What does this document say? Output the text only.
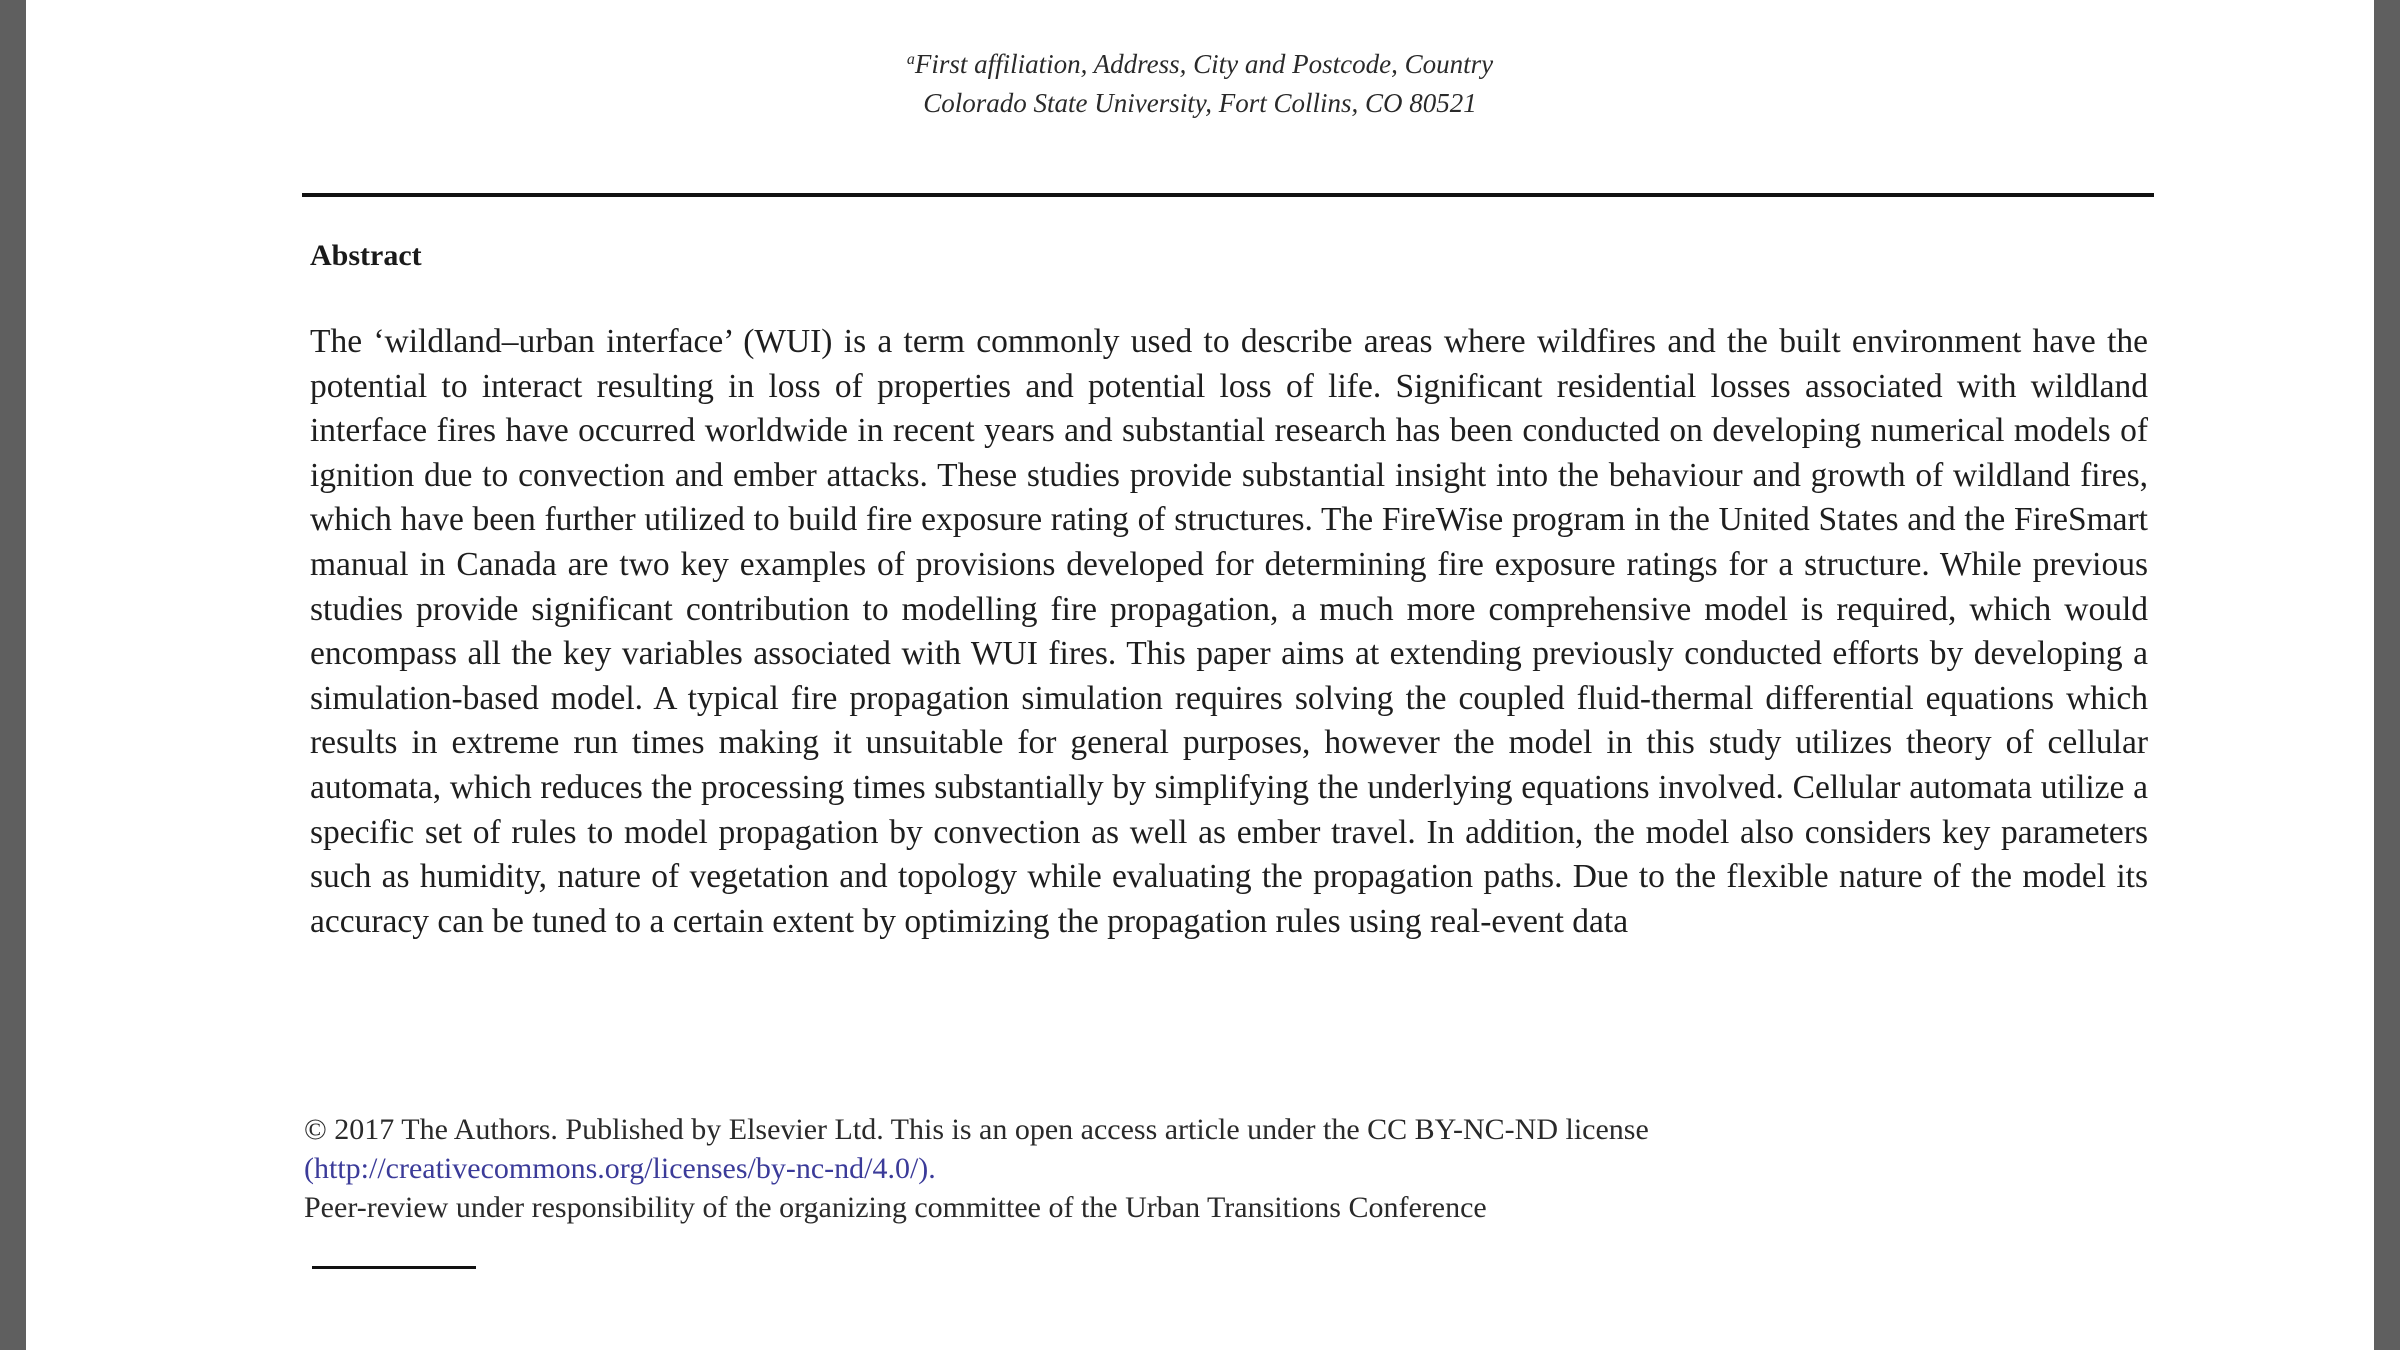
$^a$First affiliation, Address, City and Postcode, Country
Colorado State University, Fort Collins, CO 80521
Abstract
The ‘wildland–urban interface’ (WUI) is a term commonly used to describe areas where wildfires and the built environment have the potential to interact resulting in loss of properties and potential loss of life. Significant residential losses associated with wildland interface fires have occurred worldwide in recent years and substantial research has been conducted on developing numerical models of ignition due to convection and ember attacks. These studies provide substantial insight into the behaviour and growth of wildland fires, which have been further utilized to build fire exposure rating of structures. The FireWise program in the United States and the FireSmart manual in Canada are two key examples of provisions developed for determining fire exposure ratings for a structure. While previous studies provide significant contribution to modelling fire propagation, a much more comprehensive model is required, which would encompass all the key variables associated with WUI fires. This paper aims at extending previously conducted efforts by developing a simulation-based model. A typical fire propagation simulation requires solving the coupled fluid-thermal differential equations which results in extreme run times making it unsuitable for general purposes, however the model in this study utilizes theory of cellular automata, which reduces the processing times substantially by simplifying the underlying equations involved. Cellular automata utilize a specific set of rules to model propagation by convection as well as ember travel. In addition, the model also considers key parameters such as humidity, nature of vegetation and topology while evaluating the propagation paths. Due to the flexible nature of the model its accuracy can be tuned to a certain extent by optimizing the propagation rules using real-event data
© 2017 The Authors. Published by Elsevier Ltd. This is an open access article under the CC BY-NC-ND license
(http://creativecommons.org/licenses/by-nc-nd/4.0/).
Peer-review under responsibility of the organizing committee of the Urban Transitions Conference
